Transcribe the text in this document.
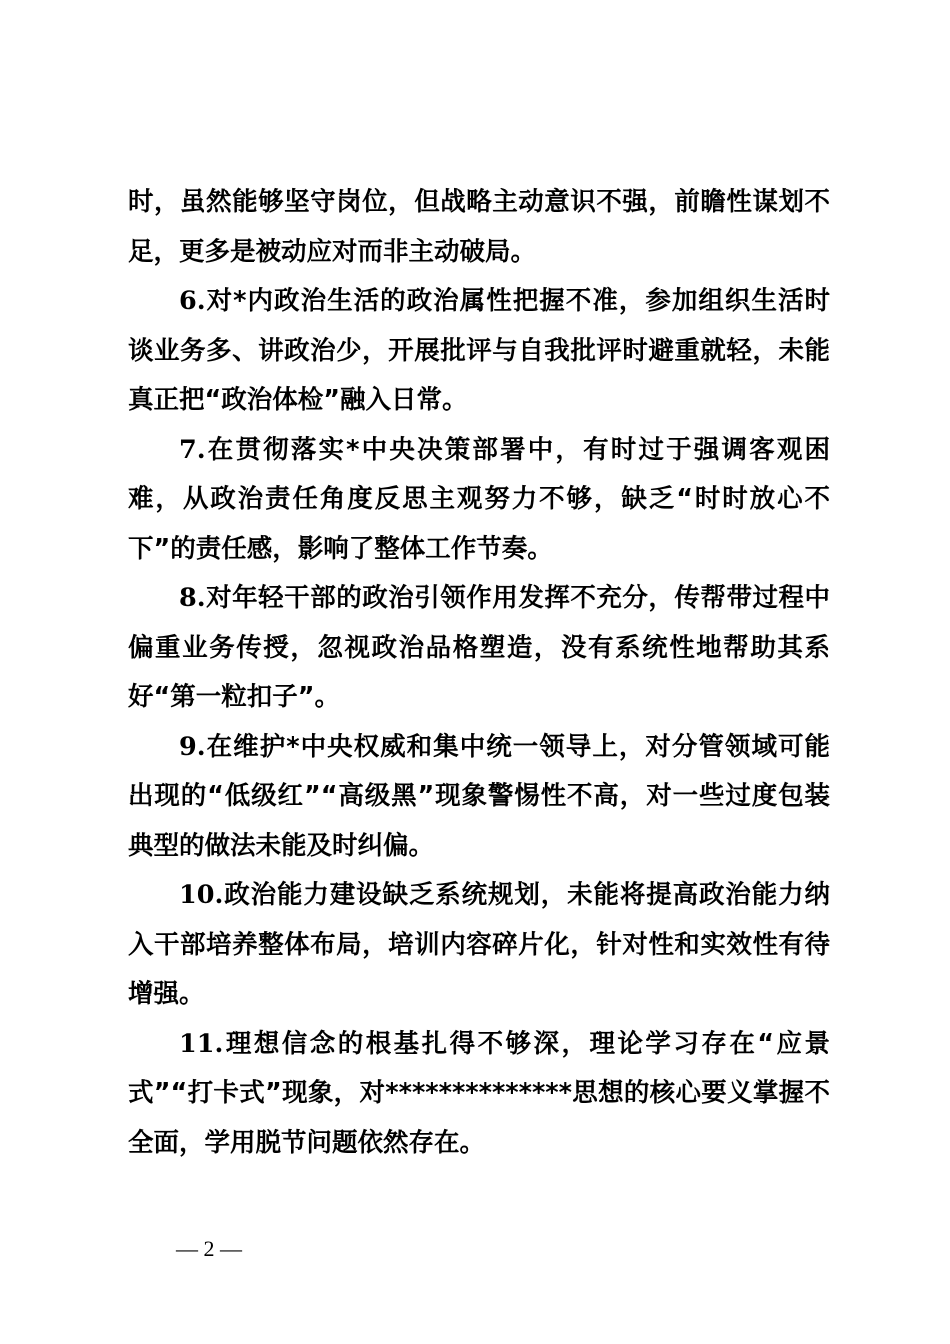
时，虽然能够坚守岗位，但战略主动意识不强，前瞻性谋划不足，更多是被动应对而非主动破局。

6.对*内政治生活的政治属性把握不准，参加组织生活时谈业务多、讲政治少，开展批评与自我批评时避重就轻，未能真正把“政治体检”融入日常。

7.在贯彻落实*中央决策部署中，有时过于强调客观困难，从政治责任角度反思主观努力不够，缺乏“时时放心不下”的责任感，影响了整体工作节奏。

8.对年轻干部的政治引领作用发挥不充分，传帮带过程中偏重业务传授，忽视政治品格塑造，没有系统性地帮助其系好“第一粒扣子”。

9.在维护*中央权威和集中统一领导上，对分管领域可能出现的“低级红”“高级黑”现象警惕性不高，对一些过度包装典型的做法未能及时纠偏。

10.政治能力建设缺乏系统规划，未能将提高政治能力纳入干部培养整体布局，培训内容碎片化，针对性和实效性有待增强。

11.理想信念的根基扎得不够深，理论学习存在“应景式”“打卡式”现象，对**************思想的核心要义掌握不全面，学用脱节问题依然存在。

— 2 —
